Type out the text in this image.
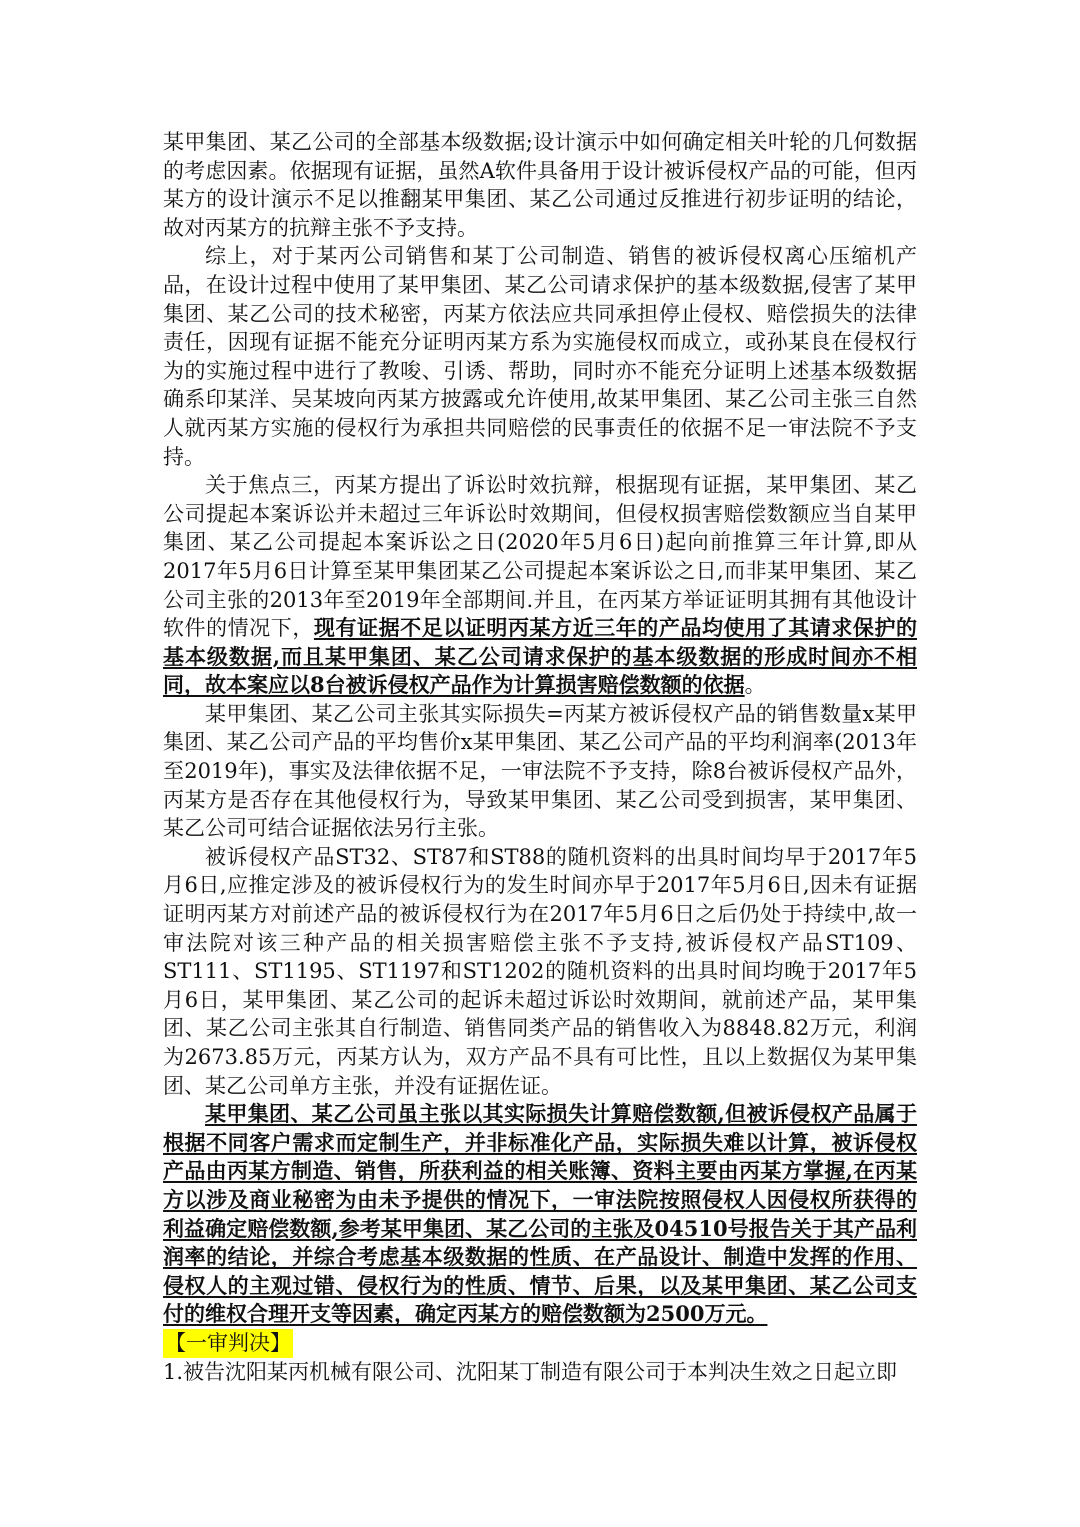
某甲集团、某乙公司的全部基本级数据;设计演示中如何确定相关叶轮的几何数据的考虑因素。依据现有证据，虽然A软件具备用于设计被诉侵权产品的可能，但丙某方的设计演示不足以推翻某甲集团、某乙公司通过反推进行初步证明的结论，故对丙某方的抗辩主张不予支持。

综上，对于某丙公司销售和某丁公司制造、销售的被诉侵权离心压缩机产品，在设计过程中使用了某甲集团、某乙公司请求保护的基本级数据,侵害了某甲集团、某乙公司的技术秘密，丙某方依法应共同承担停止侵权、赔偿损失的法律责任，因现有证据不能充分证明丙某方系为实施侵权而成立，或孙某良在侵权行为的实施过程中进行了教唆、引诱、帮助，同时亦不能充分证明上述基本级数据确系印某洋、吴某坡向丙某方披露或允许使用,故某甲集团、某乙公司主张三自然人就丙某方实施的侵权行为承担共同赔偿的民事责任的依据不足一审法院不予支持。

关于焦点三，丙某方提出了诉讼时效抗辩，根据现有证据，某甲集团、某乙公司提起本案诉讼并未超过三年诉讼时效期间，但侵权损害赔偿数额应当自某甲集团、某乙公司提起本案诉讼之日(2020年5月6日)起向前推算三年计算,即从2017年5月6日计算至某甲集团某乙公司提起本案诉讼之日,而非某甲集团、某乙公司主张的2013年至2019年全部期间.并且，在丙某方举证证明其拥有其他设计软件的情况下，现有证据不足以证明丙某方近三年的产品均使用了其请求保护的基本级数据,而且某甲集团、某乙公司请求保护的基本级数据的形成时间亦不相同，故本案应以8台被诉侵权产品作为计算损害赔偿数额的依据。

某甲集团、某乙公司主张其实际损失=丙某方被诉侵权产品的销售数量x某甲集团、某乙公司产品的平均售价x某甲集团、某乙公司产品的平均利润率(2013年至2019年)，事实及法律依据不足，一审法院不予支持，除8台被诉侵权产品外，丙某方是否存在其他侵权行为，导致某甲集团、某乙公司受到损害，某甲集团、某乙公司可结合证据依法另行主张。

被诉侵权产品ST32、ST87和ST88的随机资料的出具时间均早于2017年5月6日,应推定涉及的被诉侵权行为的发生时间亦早于2017年5月6日,因未有证据证明丙某方对前述产品的被诉侵权行为在2017年5月6日之后仍处于持续中,故一审法院对该三种产品的相关损害赔偿主张不予支持,被诉侵权产品ST109、ST111、ST1195、ST1197和ST1202的随机资料的出具时间均晚于2017年5月6日，某甲集团、某乙公司的起诉未超过诉讼时效期间，就前述产品，某甲集团、某乙公司主张其自行制造、销售同类产品的销售收入为8848.82万元，利润为2673.85万元，丙某方认为，双方产品不具有可比性，且以上数据仅为某甲集团、某乙公司单方主张，并没有证据佐证。

某甲集团、某乙公司虽主张以其实际损失计算赔偿数额,但被诉侵权产品属于根据不同客户需求而定制生产，并非标准化产品，实际损失难以计算，被诉侵权产品由丙某方制造、销售，所获利益的相关账簿、资料主要由丙某方掌握,在丙某方以涉及商业秘密为由未予提供的情况下，一审法院按照侵权人因侵权所获得的利益确定赔偿数额,参考某甲集团、某乙公司的主张及04510号报告关于其产品利润率的结论，并综合考虑基本级数据的性质、在产品设计、制造中发挥的作用、侵权人的主观过错、侵权行为的性质、情节、后果，以及某甲集团、某乙公司支付的维权合理开支等因素，确定丙某方的赔偿数额为2500万元。

【一审判决】

1.被告沈阳某丙机械有限公司、沈阳某丁制造有限公司于本判决生效之日起立即
